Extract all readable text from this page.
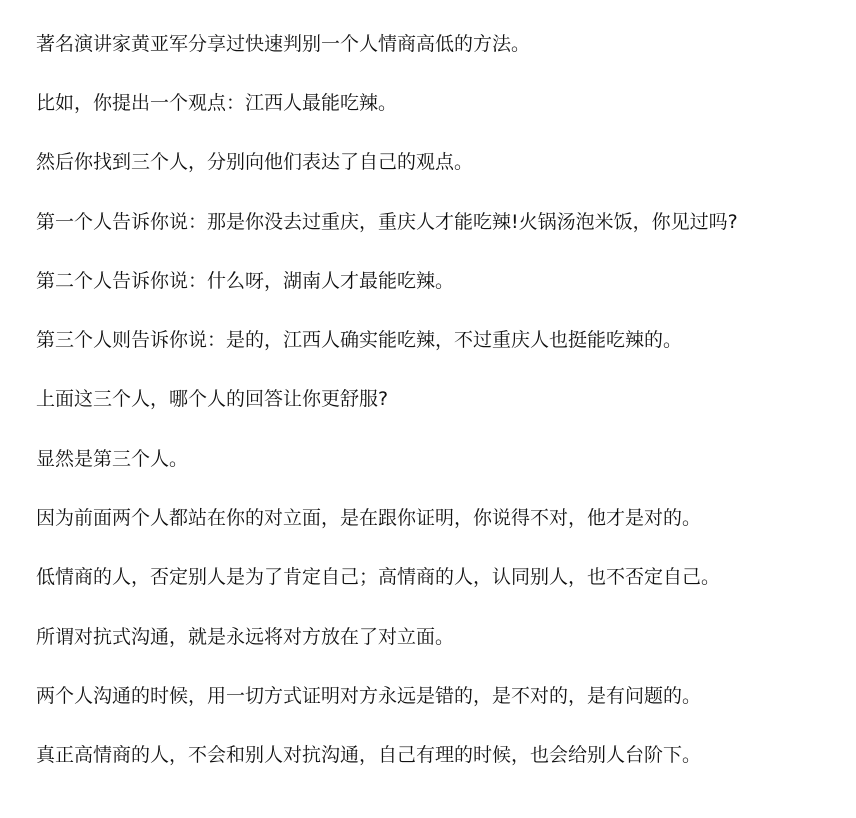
著名演讲家黄亚军分享过快速判别一个人情商高低的方法。

比如，你提出一个观点：江西人最能吃辣。

然后你找到三个人，分别向他们表达了自己的观点。

第一个人告诉你说：那是你没去过重庆，重庆人才能吃辣!火锅汤泡米饭，你见过吗?

第二个人告诉你说：什么呀，湖南人才最能吃辣。

第三个人则告诉你说：是的，江西人确实能吃辣，不过重庆人也挺能吃辣的。

上面这三个人，哪个人的回答让你更舒服?

显然是第三个人。

因为前面两个人都站在你的对立面，是在跟你证明，你说得不对，他才是对的。

低情商的人，否定别人是为了肯定自己；高情商的人，认同别人，也不否定自己。

所谓对抗式沟通，就是永远将对方放在了对立面。

两个人沟通的时候，用一切方式证明对方永远是错的，是不对的，是有问题的。

真正高情商的人，不会和别人对抗沟通，自己有理的时候，也会给别人台阶下。
